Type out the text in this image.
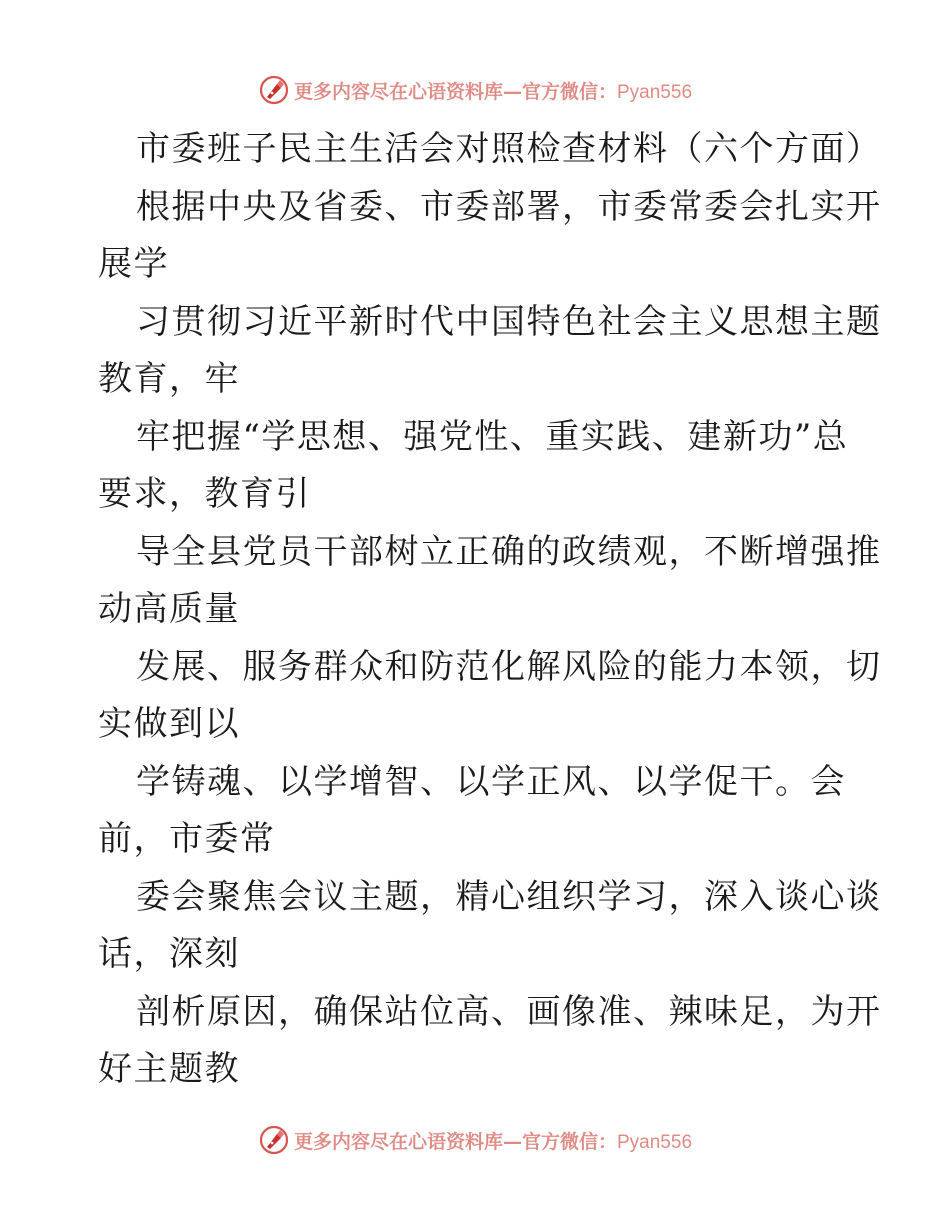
更多内容尽在心语资料库—官方微信：Pyan556
市委班子民主生活会对照检查材料（六个方面）
根据中央及省委、市委部署，市委常委会扎实开
展学
习贯彻习近平新时代中国特色社会主义思想主题
教育，牢
牢把握“学思想、强党性、重实践、建新功”总
要求，教育引
导全县党员干部树立正确的政绩观，不断增强推
动高质量
发展、服务群众和防范化解风险的能力本领，切
实做到以
学铸魂、以学增智、以学正风、以学促干。会
前，市委常
委会聚焦会议主题，精心组织学习，深入谈心谈
话，深刻
剖析原因，确保站位高、画像准、辣味足，为开
好主题教
更多内容尽在心语资料库—官方微信：Pyan556
